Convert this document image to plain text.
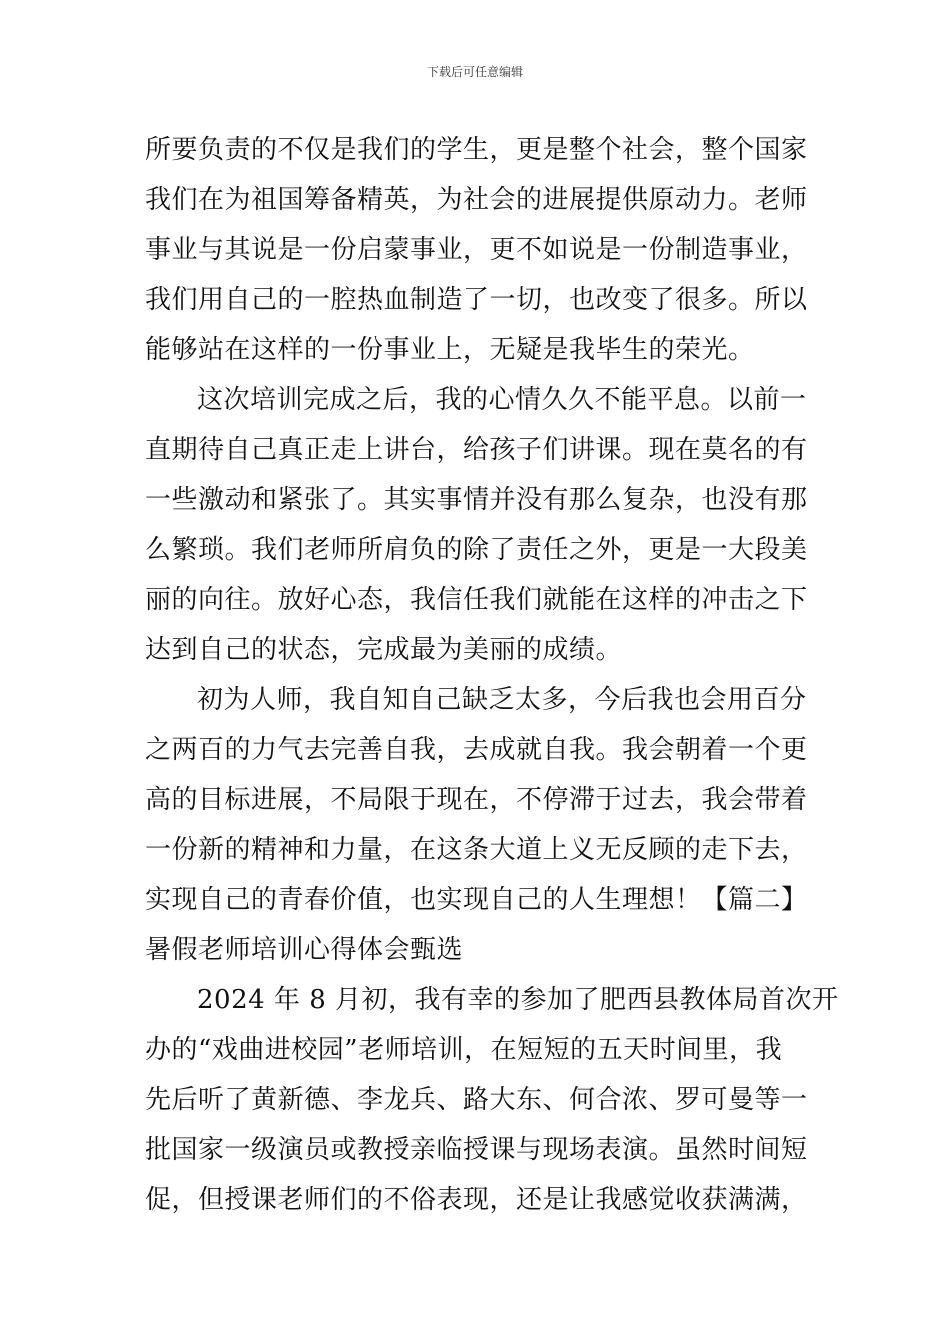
下载后可任意编辑
所要负责的不仅是我们的学生，更是整个社会，整个国家
我们在为祖国筹备精英，为社会的进展提供原动力。老师
事业与其说是一份启蒙事业，更不如说是一份制造事业，
我们用自己的一腔热血制造了一切，也改变了很多。所以
能够站在这样的一份事业上，无疑是我毕生的荣光。
这次培训完成之后，我的心情久久不能平息。以前一
直期待自己真正走上讲台，给孩子们讲课。现在莫名的有
一些激动和紧张了。其实事情并没有那么复杂，也没有那
么繁琐。我们老师所肩负的除了责任之外，更是一大段美
丽的向往。放好心态，我信任我们就能在这样的冲击之下
达到自己的状态，完成最为美丽的成绩。
初为人师，我自知自己缺乏太多，今后我也会用百分
之两百的力气去完善自我，去成就自我。我会朝着一个更
高的目标进展，不局限于现在，不停滞于过去，我会带着
一份新的精神和力量，在这条大道上义无反顾的走下去，
实现自己的青春价值，也实现自己的人生理想！【篇二】
暑假老师培训心得体会甄选
2024 年 8 月初，我有幸的参加了肥西县教体局首次开
办的“戏曲进校园”老师培训，在短短的五天时间里，我
先后听了黄新德、李龙兵、路大东、何合浓、罗可曼等一
批国家一级演员或教授亲临授课与现场表演。虽然时间短
促，但授课老师们的不俗表现，还是让我感觉收获满满，
